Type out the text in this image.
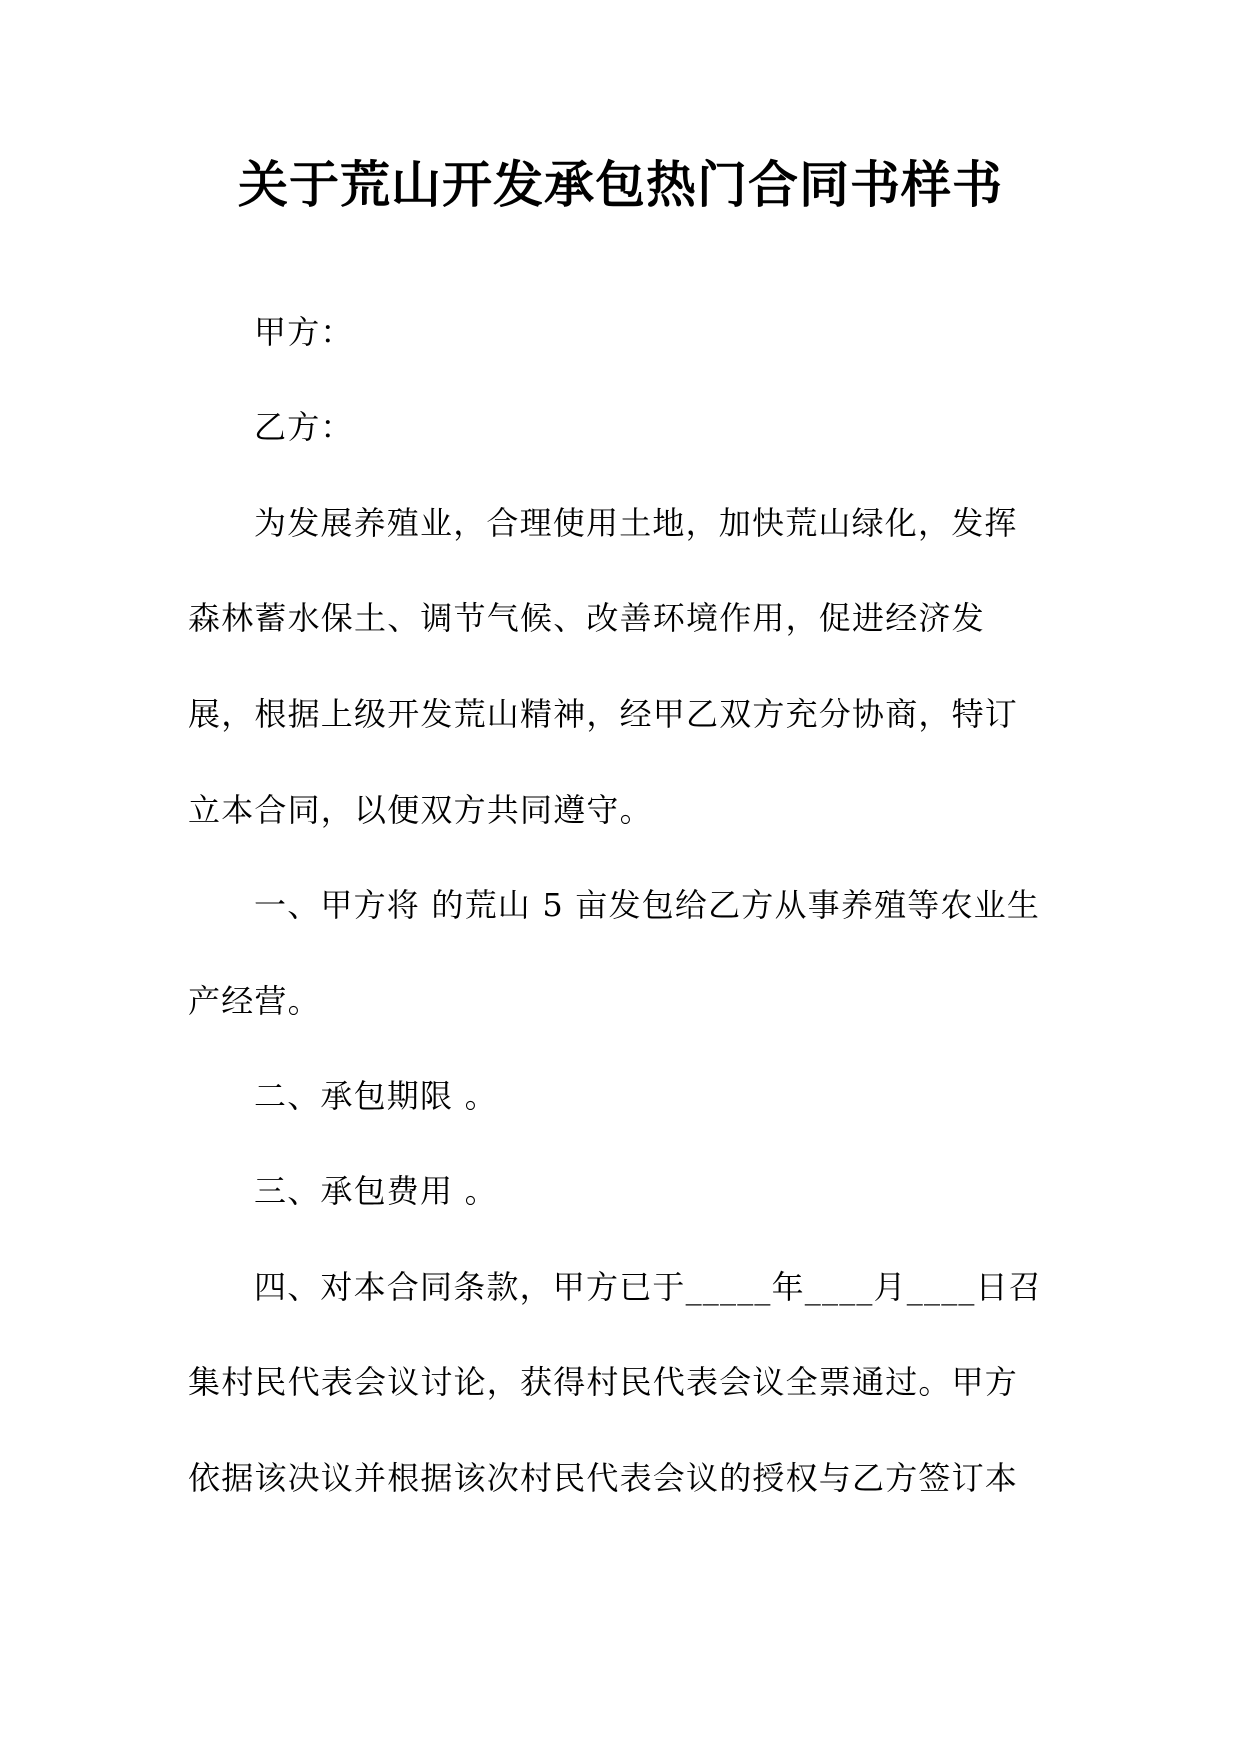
关于荒山开发承包热门合同书样书

甲方：

乙方：

为发展养殖业，合理使用土地，加快荒山绿化，发挥

森林蓄水保土、调节气候、改善环境作用，促进经济发

展，根据上级开发荒山精神，经甲乙双方充分协商，特订

立本合同，以便双方共同遵守。

一、甲方将 的荒山 5 亩发包给乙方从事养殖等农业生

产经营。

二、承包期限 。

三、承包费用 。

四、对本合同条款，甲方已于_____年____月____日召

集村民代表会议讨论，获得村民代表会议全票通过。甲方

依据该决议并根据该次村民代表会议的授权与乙方签订本
